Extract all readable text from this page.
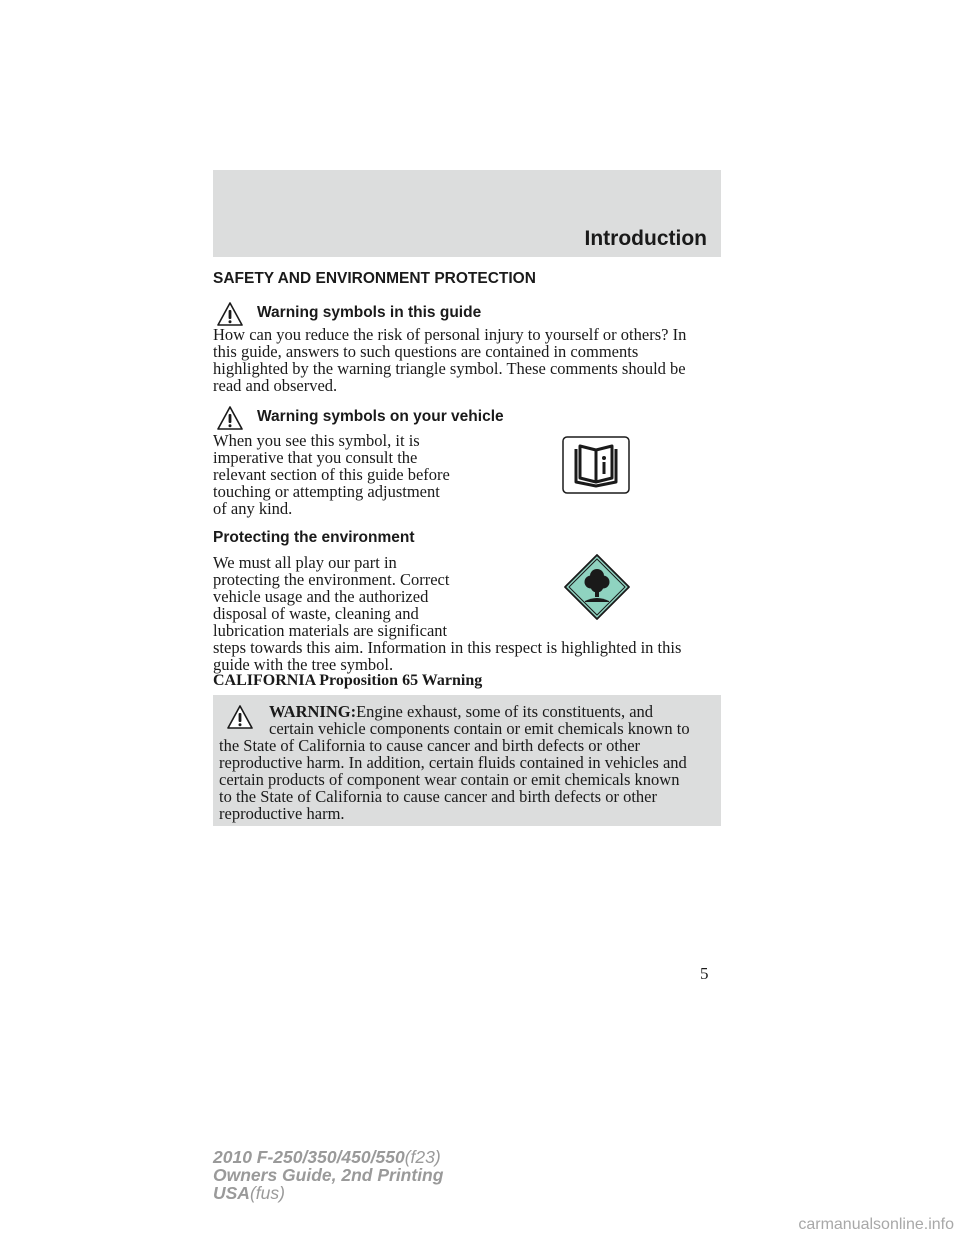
Introduction
SAFETY AND ENVIRONMENT PROTECTION
Warning symbols in this guide
How can you reduce the risk of personal injury to yourself or others? In
this guide, answers to such questions are contained in comments
highlighted by the warning triangle symbol. These comments should be
read and observed.
Warning symbols on your vehicle
When you see this symbol, it is
imperative that you consult the
relevant section of this guide before
touching or attempting adjustment
of any kind.
Protecting the environment
We must all play our part in
protecting the environment. Correct
vehicle usage and the authorized
disposal of waste, cleaning and
lubrication materials are significant
steps towards this aim. Information in this respect is highlighted in this
guide with the tree symbol.
CALIFORNIA Proposition 65 Warning
WARNING:Engine exhaust, some of its constituents, and
certain vehicle components contain or emit chemicals known to
the State of California to cause cancer and birth defects or other
reproductive harm. In addition, certain fluids contained in vehicles and
certain products of component wear contain or emit chemicals known
to the State of California to cause cancer and birth defects or other
reproductive harm.
5
2010 F-250/350/450/550(f23)
Owners Guide, 2nd Printing
USA(fus)
carmanualsonline.info
